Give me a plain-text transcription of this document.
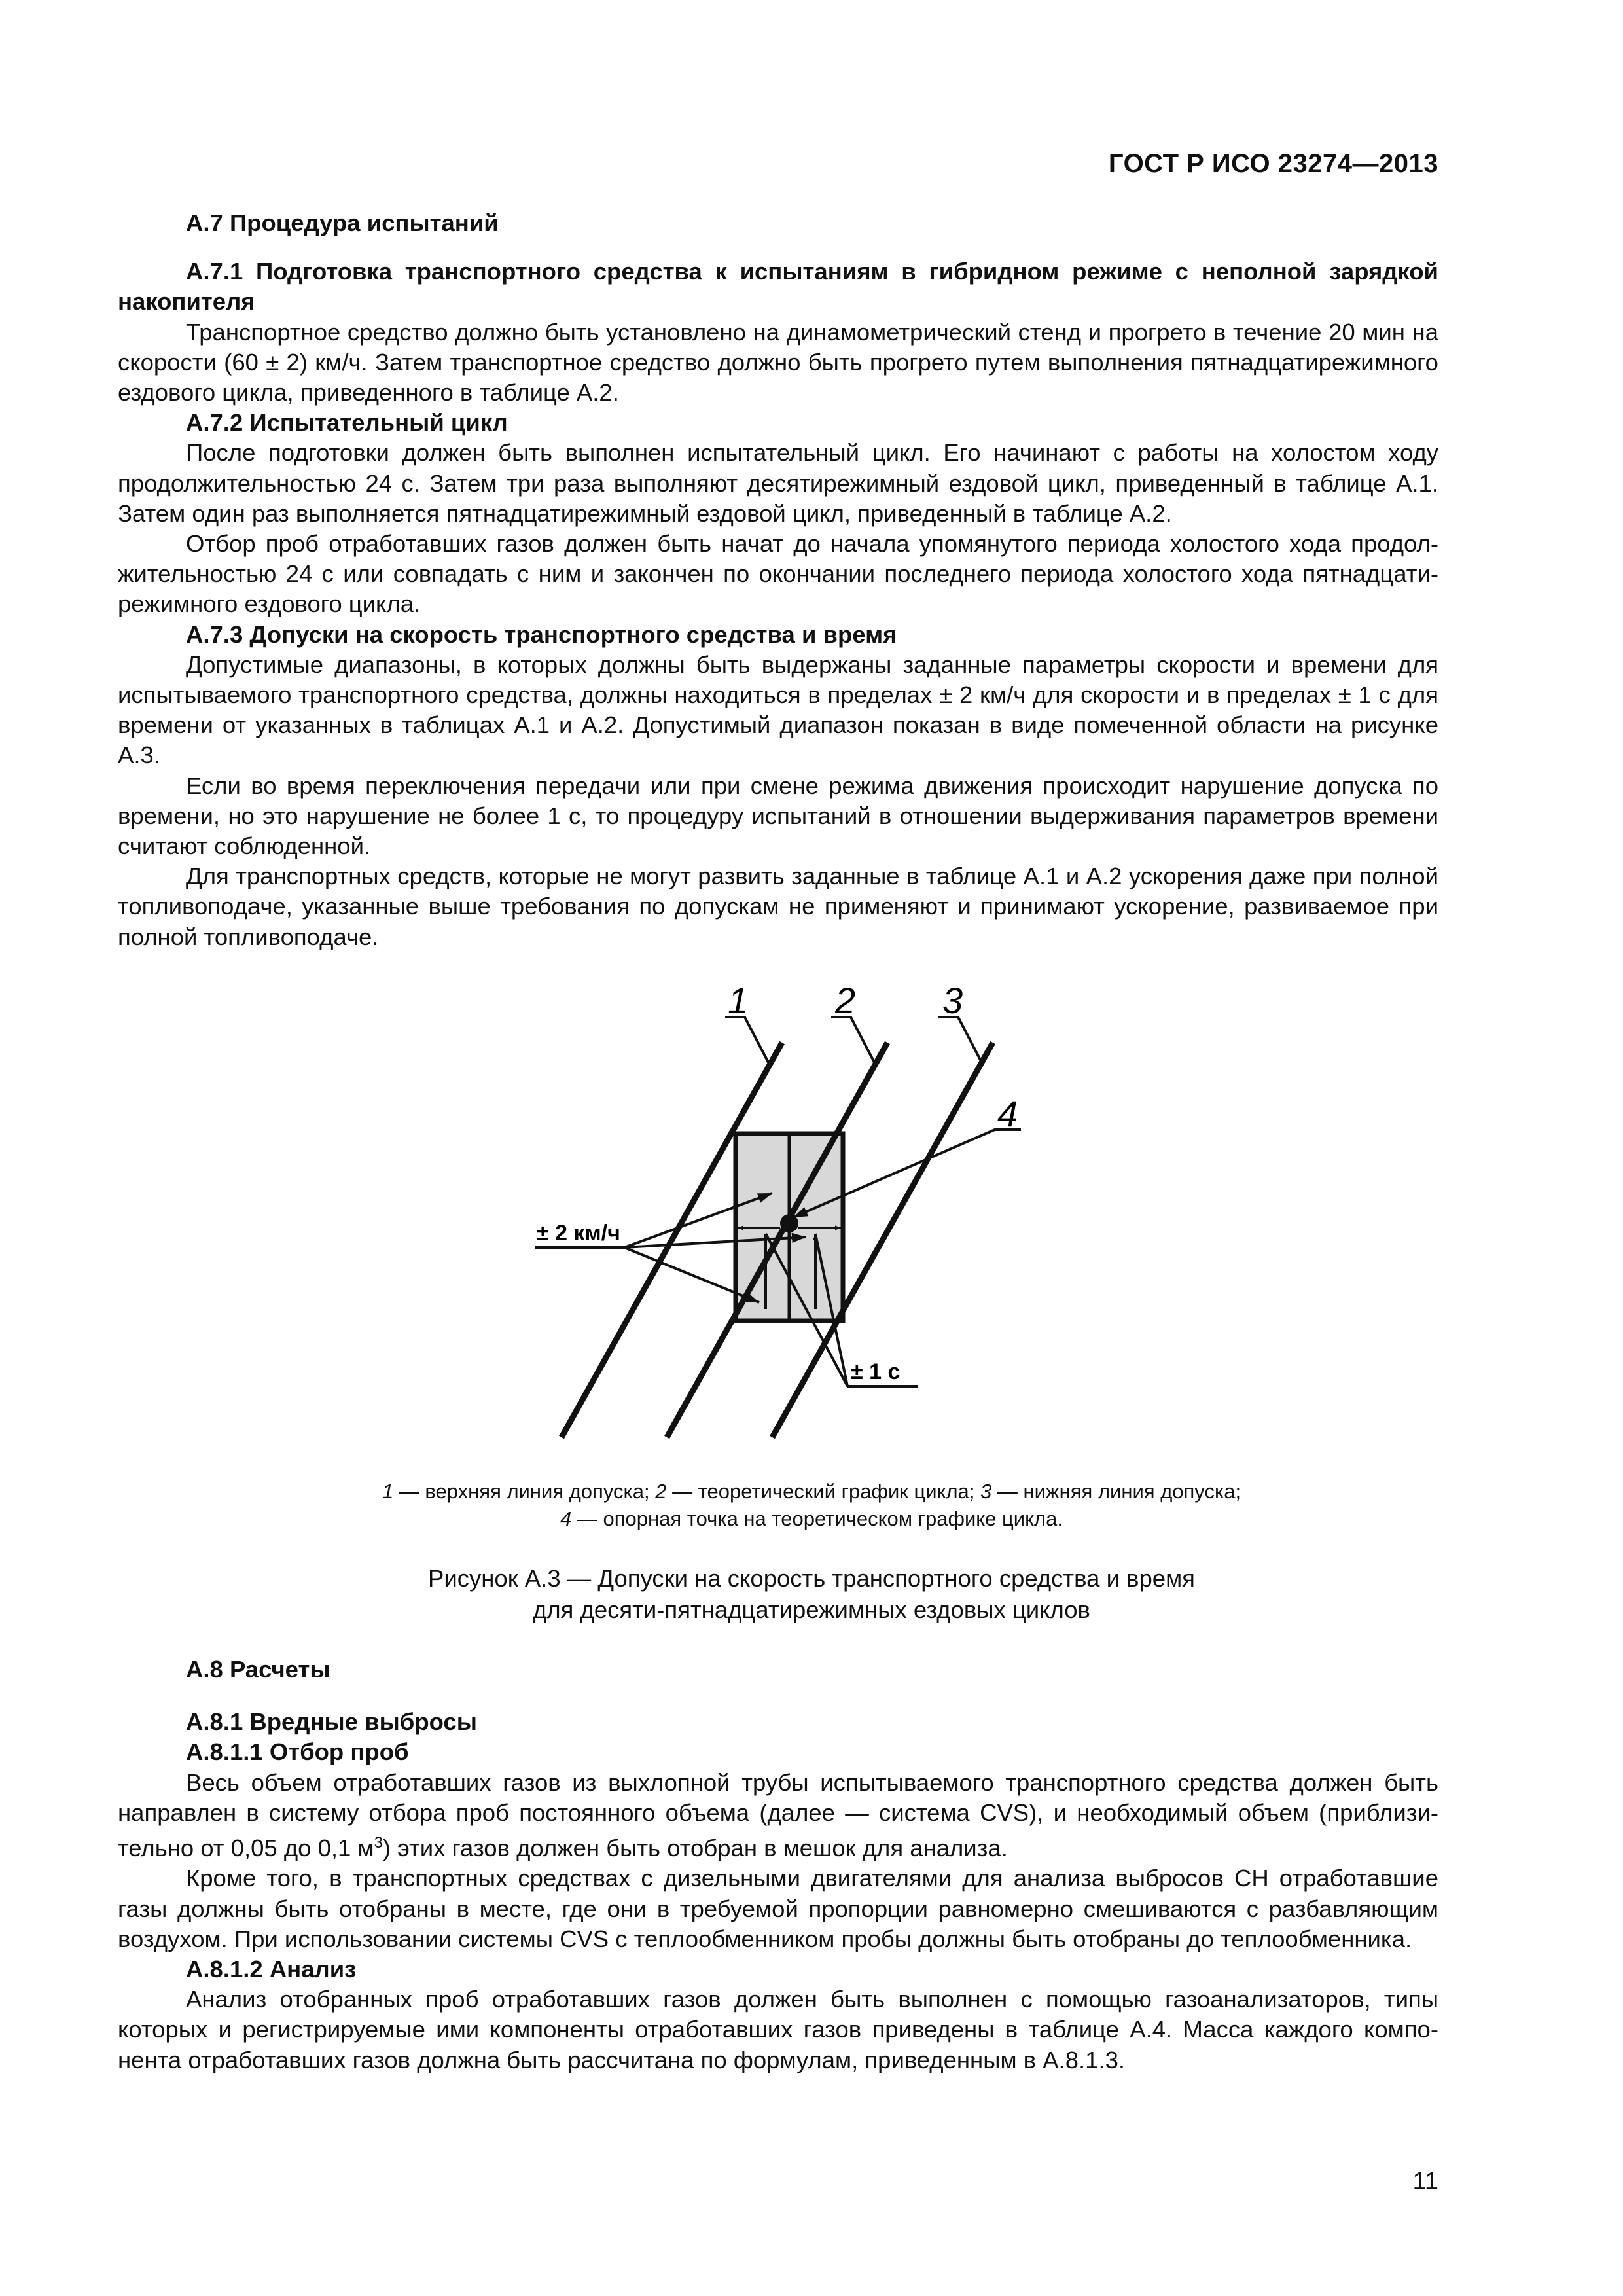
ГОСТ Р ИСО 23274—2013

А.7 Процедура испытаний

А.7.1 Подготовка транспортного средства к испытаниям в гибридном режиме с неполной зарядкой накопителя

Транспортное средство должно быть установлено на динамометрический стенд и прогрето в течение 20 мин на скорости (60 ± 2) км/ч. Затем транспортное средство должно быть прогрето путем выполнения пятнадцатирежимного ездового цикла, приведенного в таблице А.2.

А.7.2 Испытательный цикл

После подготовки должен быть выполнен испытательный цикл. Его начинают с работы на холостом ходу продолжительностью 24 с. Затем три раза выполняют десятирежимный ездовой цикл, приведенный в таблице А.1. Затем один раз выполняется пятнадцатирежимный ездовой цикл, приведенный в таблице А.2.

Отбор проб отработавших газов должен быть начат до начала упомянутого периода холостого хода продолжительностью 24 с или совпадать с ним и закончен по окончании последнего периода холостого хода пятнадцатирежимного ездового цикла.

А.7.3 Допуски на скорость транспортного средства и время

Допустимые диапазоны, в которых должны быть выдержаны заданные параметры скорости и времени для испытываемого транспортного средства, должны находиться в пределах ± 2 км/ч для скорости и в пределах ± 1 с для времени от указанных в таблицах А.1 и А.2. Допустимый диапазон показан в виде помеченной области на рисунке А.3.

Если во время переключения передачи или при смене режима движения происходит нарушение допуска по времени, но это нарушение не более 1 с, то процедуру испытаний в отношении выдерживания параметров времени считают соблюденной.

Для транспортных средств, которые не могут развить заданные в таблице А.1 и А.2 ускорения даже при полной топливоподаче, указанные выше требования по допускам не применяют и принимают ускорение, развиваемое при полной топливоподаче.

1 2 3
4
± 2 км/ч
± 1 с
1 — верхняя линия допуска; 2 — теоретический график цикла; 3 — нижняя линия допуска;
4 — опорная точка на теоретическом графике цикла.
Рисунок А.3 — Допуски на скорость транспортного средства и время
для десяти-пятнадцатирежимных ездовых циклов

А.8 Расчеты

А.8.1 Вредные выбросы

А.8.1.1 Отбор проб

Весь объем отработавших газов из выхлопной трубы испытываемого транспортного средства должен быть направлен в систему отбора проб постоянного объема (далее — система CVS), и необходимый объем (приблизительно от 0,05 до 0,1 $м^3$) этих газов должен быть отобран в мешок для анализа.

Кроме того, в транспортных средствах с дизельными двигателями для анализа выбросов СН отработавшие газы должны быть отобраны в месте, где они в требуемой пропорции равномерно смешиваются с разбавляющим воздухом. При использовании системы CVS с теплообменником пробы должны быть отобраны до теплообменника.

А.8.1.2 Анализ

Анализ отобранных проб отработавших газов должен быть выполнен с помощью газоанализаторов, типы которых и регистрируемые ими компоненты отработавших газов приведены в таблице А.4. Масса каждого компонента отработавших газов должна быть рассчитана по формулам, приведенным в А.8.1.3.

11
